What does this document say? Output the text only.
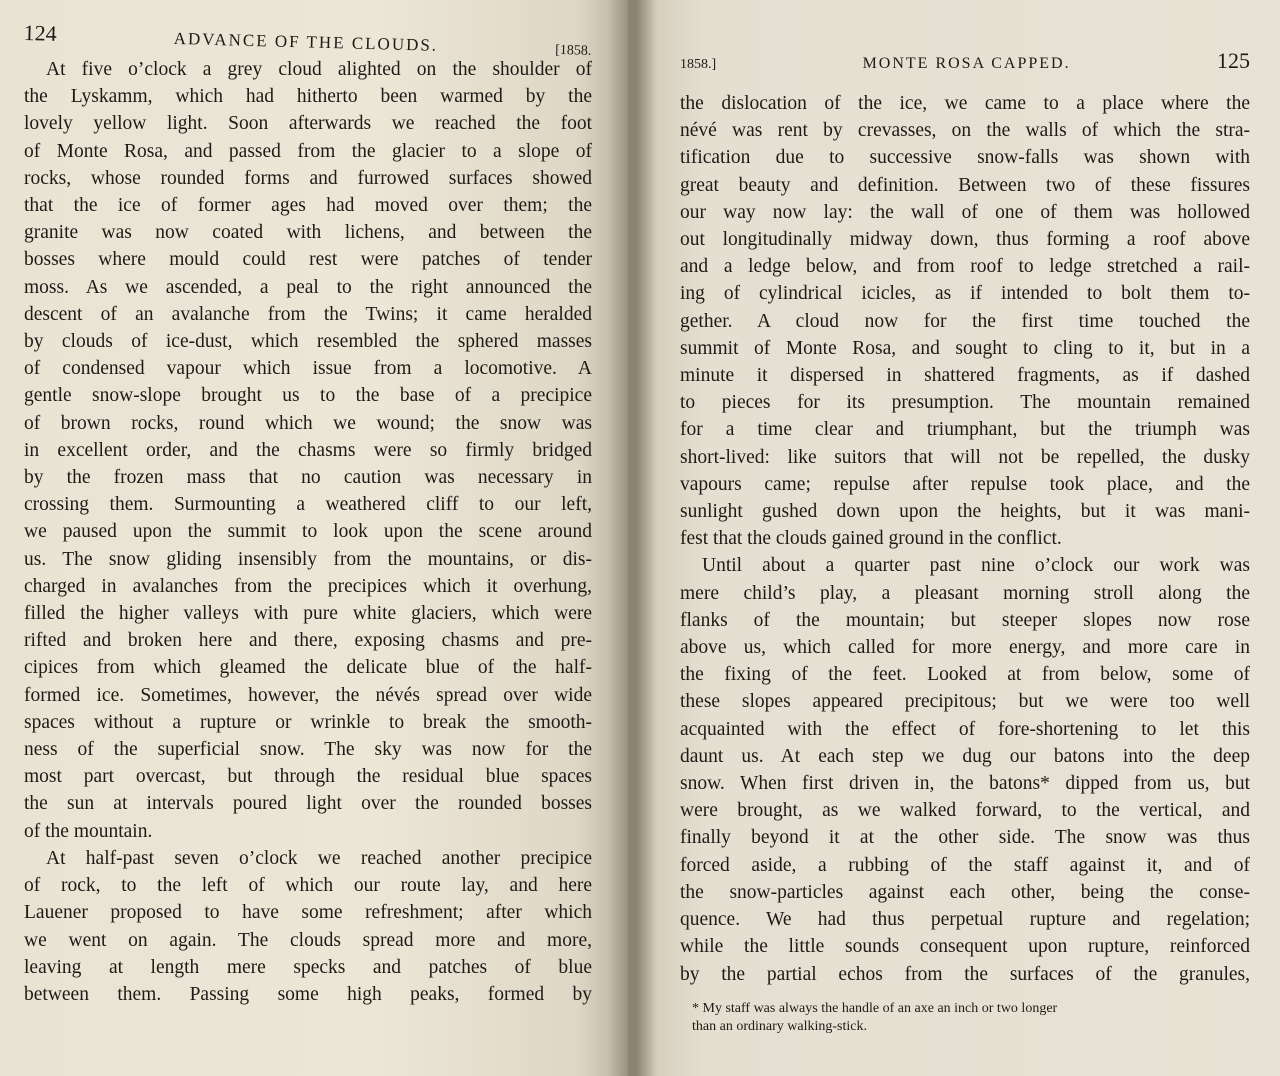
124	ADVANCE OF THE CLOUDS.	[1858.
At five o’clock a grey cloud alighted on the shoulder of
the Lyskamm, which had hitherto been warmed by the
lovely yellow light. Soon afterwards we reached the foot
of Monte Rosa, and passed from the glacier to a slope of
rocks, whose rounded forms and furrowed surfaces showed
that the ice of former ages had moved over them; the
granite was now coated with lichens, and between the
bosses where mould could rest were patches of tender
moss. As we ascended, a peal to the right announced the
descent of an avalanche from the Twins; it came heralded
by clouds of ice-dust, which resembled the sphered masses
of condensed vapour which issue from a locomotive. A
gentle snow-slope brought us to the base of a precipice
of brown rocks, round which we wound; the snow was
in excellent order, and the chasms were so firmly bridged
by the frozen mass that no caution was necessary in
crossing them. Surmounting a weathered cliff to our left,
we paused upon the summit to look upon the scene around
us. The snow gliding insensibly from the mountains, or dis-
charged in avalanches from the precipices which it overhung,
filled the higher valleys with pure white glaciers, which were
rifted and broken here and there, exposing chasms and pre-
cipices from which gleamed the delicate blue of the half-
formed ice. Sometimes, however, the névés spread over wide
spaces without a rupture or wrinkle to break the smooth-
ness of the superficial snow. The sky was now for the
most part overcast, but through the residual blue spaces
the sun at intervals poured light over the rounded bosses
of the mountain.
At half-past seven o’clock we reached another precipice
of rock, to the left of which our route lay, and here
Lauener proposed to have some refreshment; after which
we went on again. The clouds spread more and more,
leaving at length mere specks and patches of blue
between them. Passing some high peaks, formed by
1858.]	MONTE ROSA CAPPED.	125
the dislocation of the ice, we came to a place where the
névé was rent by crevasses, on the walls of which the stra-
tification due to successive snow-falls was shown with
great beauty and definition. Between two of these fissures
our way now lay: the wall of one of them was hollowed
out longitudinally midway down, thus forming a roof above
and a ledge below, and from roof to ledge stretched a rail-
ing of cylindrical icicles, as if intended to bolt them to-
gether. A cloud now for the first time touched the
summit of Monte Rosa, and sought to cling to it, but in a
minute it dispersed in shattered fragments, as if dashed
to pieces for its presumption. The mountain remained
for a time clear and triumphant, but the triumph was
short-lived: like suitors that will not be repelled, the dusky
vapours came; repulse after repulse took place, and the
sunlight gushed down upon the heights, but it was mani-
fest that the clouds gained ground in the conflict.
Until about a quarter past nine o’clock our work was
mere child’s play, a pleasant morning stroll along the
flanks of the mountain; but steeper slopes now rose
above us, which called for more energy, and more care in
the fixing of the feet. Looked at from below, some of
these slopes appeared precipitous; but we were too well
acquainted with the effect of fore-shortening to let this
daunt us. At each step we dug our batons into the deep
snow. When first driven in, the batons* dipped from us, but
were brought, as we walked forward, to the vertical, and
finally beyond it at the other side. The snow was thus
forced aside, a rubbing of the staff against it, and of
the snow-particles against each other, being the conse-
quence. We had thus perpetual rupture and regelation;
while the little sounds consequent upon rupture, reinforced
by the partial echos from the surfaces of the granules,
* My staff was always the handle of an axe an inch or two longer
than an ordinary walking-stick.
